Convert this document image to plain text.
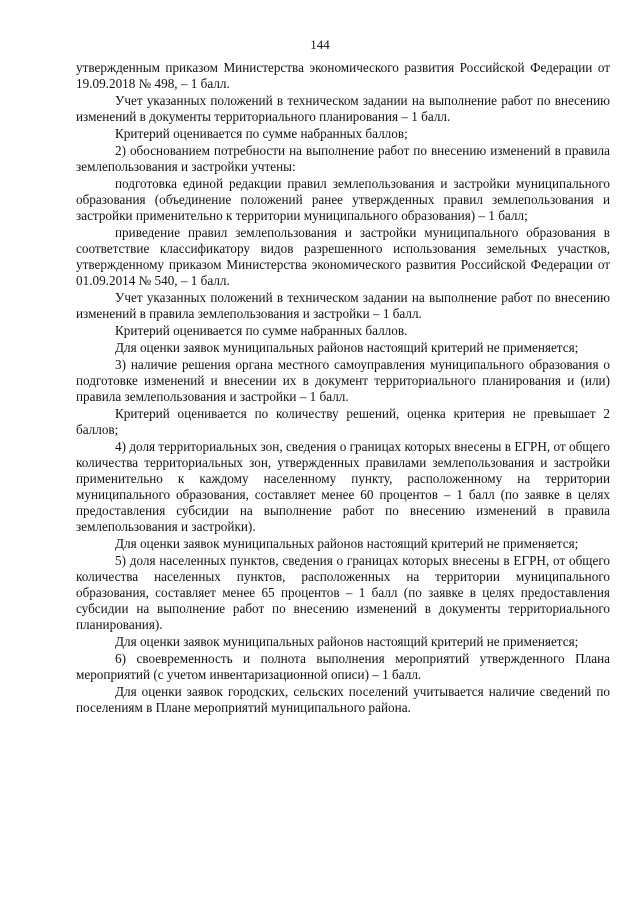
144

утвержденным приказом Министерства экономического развития Российской Федерации от 19.09.2018 № 498, – 1 балл.

Учет указанных положений в техническом задании на выполнение работ по внесению изменений в документы территориального планирования – 1 балл.

Критерий оценивается по сумме набранных баллов;

2) обоснованием потребности на выполнение работ по внесению изменений в правила землепользования и застройки учтены:

подготовка единой редакции правил землепользования и застройки муниципального образования (объединение положений ранее утвержденных правил землепользования и застройки применительно к территории муниципального образования) – 1 балл;

приведение правил землепользования и застройки муниципального образования в соответствие классификатору видов разрешенного использования земельных участков, утвержденному приказом Министерства экономического развития Российской Федерации от 01.09.2014 № 540, – 1 балл.

Учет указанных положений в техническом задании на выполнение работ по внесению изменений в правила землепользования и застройки – 1 балл.

Критерий оценивается по сумме набранных баллов.

Для оценки заявок муниципальных районов настоящий критерий не применяется;

3) наличие решения органа местного самоуправления муниципального образования о подготовке изменений и внесении их в документ территориального планирования и (или) правила землепользования и застройки – 1 балл.

Критерий оценивается по количеству решений, оценка критерия не превышает 2 баллов;

4) доля территориальных зон, сведения о границах которых внесены в ЕГРН, от общего количества территориальных зон, утвержденных правилами землепользования и застройки применительно к каждому населенному пункту, расположенному на территории муниципального образования, составляет менее 60 процентов – 1 балл (по заявке в целях предоставления субсидии на выполнение работ по внесению изменений в правила землепользования и застройки).

Для оценки заявок муниципальных районов настоящий критерий не применяется;

5) доля населенных пунктов, сведения о границах которых внесены в ЕГРН, от общего количества населенных пунктов, расположенных на территории муниципального образования, составляет менее 65 процентов – 1 балл (по заявке в целях предоставления субсидии на выполнение работ по внесению изменений в документы территориального планирования).

Для оценки заявок муниципальных районов настоящий критерий не применяется;

6) своевременность и полнота выполнения мероприятий утвержденного Плана мероприятий (с учетом инвентаризационной описи) – 1 балл.

Для оценки заявок городских, сельских поселений учитывается наличие сведений по поселениям в Плане мероприятий муниципального района.
